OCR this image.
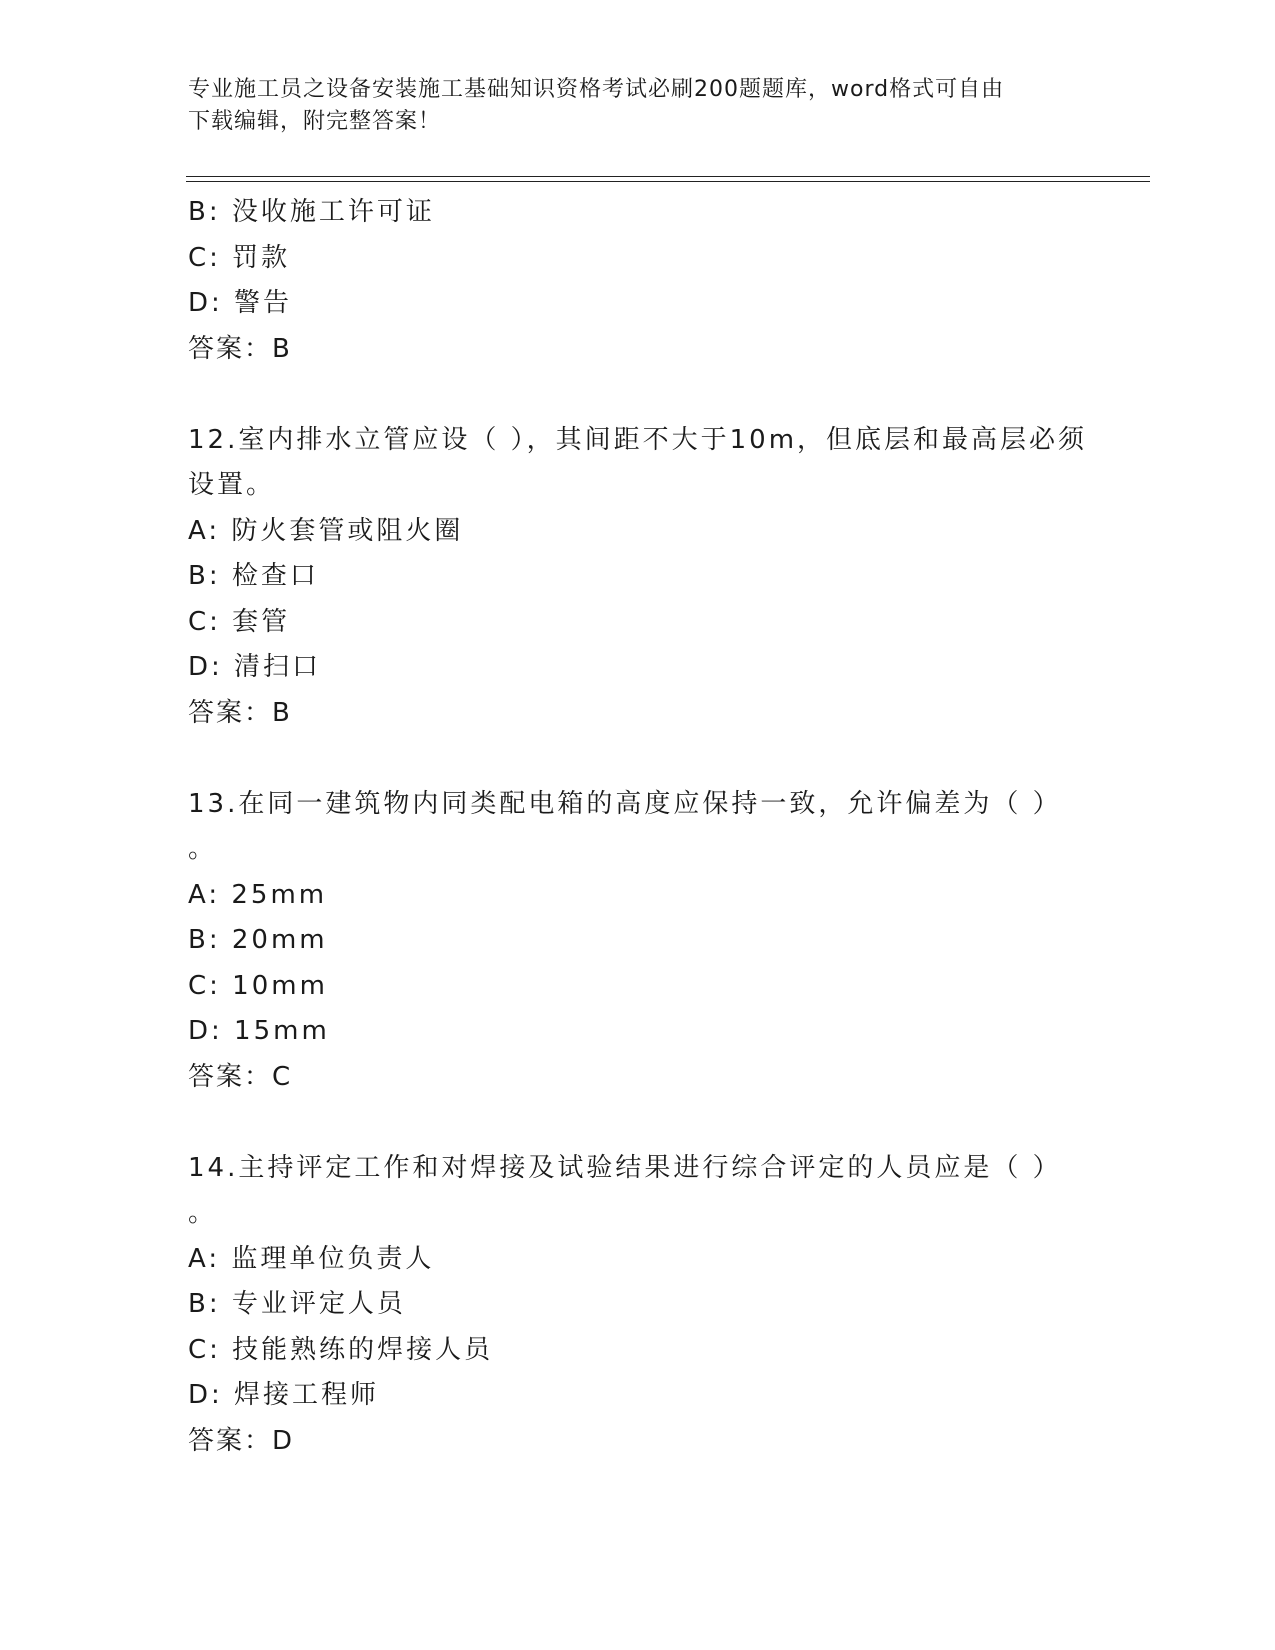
专业施工员之设备安装施工基础知识资格考试必刷200题题库，word格式可自由
下载编辑，附完整答案！
B: 没收施工许可证
C: 罚款
D: 警告
答案：B
12.室内排水立管应设（ ），其间距不大于10m，但底层和最高层必须
设置。
A: 防火套管或阻火圈
B: 检查口
C: 套管
D: 清扫口
答案：B
13.在同一建筑物内同类配电箱的高度应保持一致，允许偏差为（ ）
。
A: 25mm
B: 20mm
C: 10mm
D: 15mm
答案：C
14.主持评定工作和对焊接及试验结果进行综合评定的人员应是（ ）
。
A: 监理单位负责人
B: 专业评定人员
C: 技能熟练的焊接人员
D: 焊接工程师
答案：D
